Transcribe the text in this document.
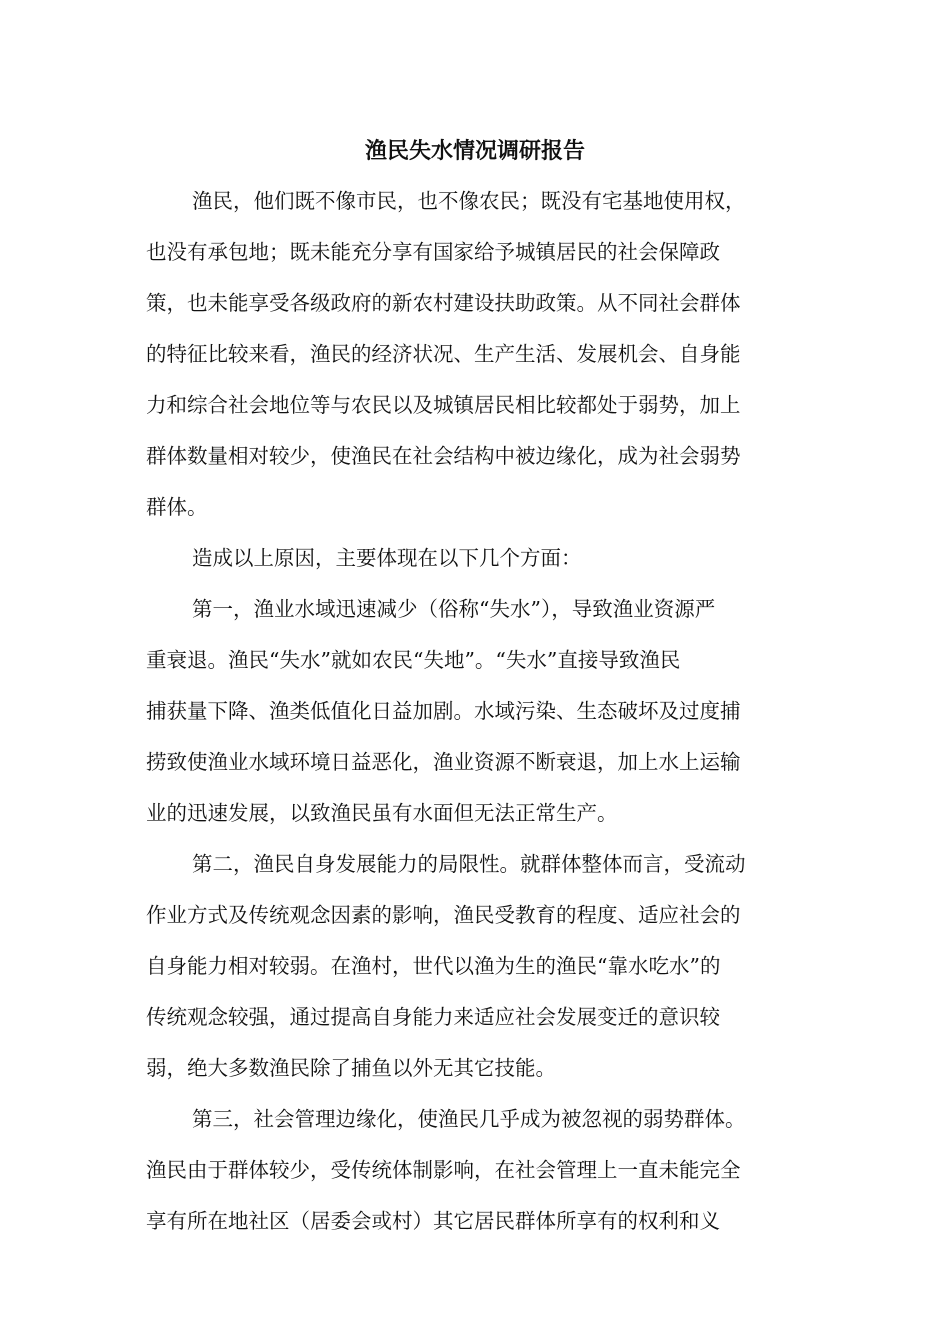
渔民失水情况调研报告
渔民，他们既不像市民，也不像农民；既没有宅基地使用权，
也没有承包地；既未能充分享有国家给予城镇居民的社会保障政
策，也未能享受各级政府的新农村建设扶助政策。从不同社会群体
的特征比较来看，渔民的经济状况、生产生活、发展机会、自身能
力和综合社会地位等与农民以及城镇居民相比较都处于弱势，加上
群体数量相对较少，使渔民在社会结构中被边缘化，成为社会弱势
群体。
造成以上原因，主要体现在以下几个方面：
第一，渔业水域迅速减少（俗称“失水”），导致渔业资源严
重衰退。渔民“失水”就如农民“失地”。“失水”直接导致渔民
捕获量下降、渔类低值化日益加剧。水域污染、生态破坏及过度捕
捞致使渔业水域环境日益恶化，渔业资源不断衰退，加上水上运输
业的迅速发展，以致渔民虽有水面但无法正常生产。
第二，渔民自身发展能力的局限性。就群体整体而言，受流动
作业方式及传统观念因素的影响，渔民受教育的程度、适应社会的
自身能力相对较弱。在渔村，世代以渔为生的渔民“靠水吃水”的
传统观念较强，通过提高自身能力来适应社会发展变迁的意识较
弱，绝大多数渔民除了捕鱼以外无其它技能。
第三，社会管理边缘化，使渔民几乎成为被忽视的弱势群体。
渔民由于群体较少，受传统体制影响，在社会管理上一直未能完全
享有所在地社区（居委会或村）其它居民群体所享有的权利和义
